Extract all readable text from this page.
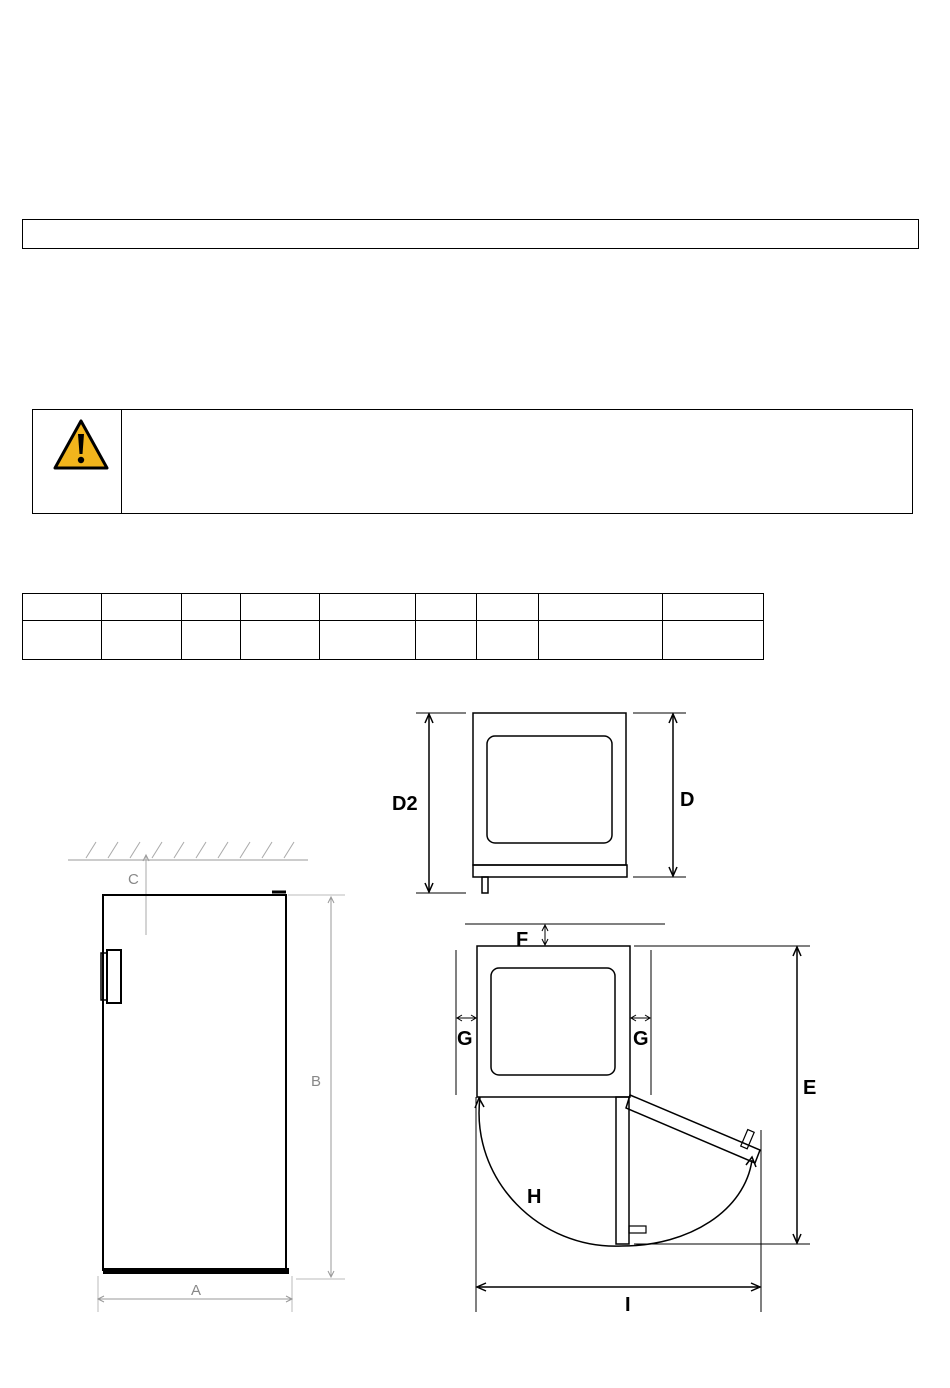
C
B
A
D2	D
F
G	G
E
H
I
